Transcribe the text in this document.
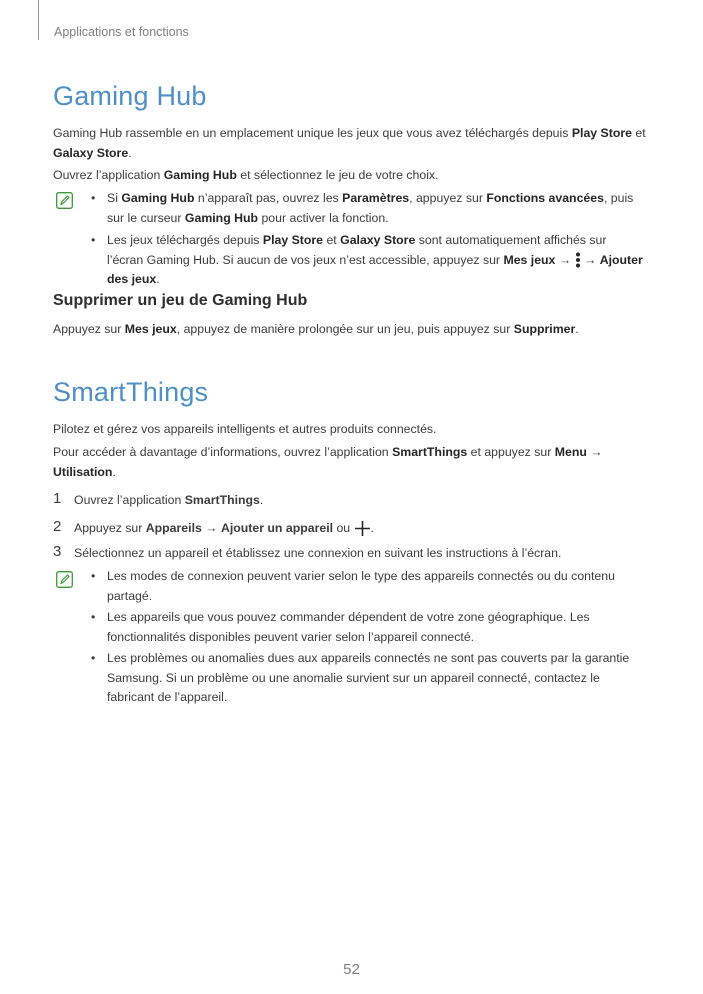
Applications et fonctions
Gaming Hub
Gaming Hub rassemble en un emplacement unique les jeux que vous avez téléchargés depuis Play Store et
Galaxy Store.
Ouvrez l’application Gaming Hub et sélectionnez le jeu de votre choix.
• Si Gaming Hub n’apparaît pas, ouvrez les Paramètres, appuyez sur Fonctions avancées, puis sur le curseur Gaming Hub pour activer la fonction.
• Les jeux téléchargés depuis Play Store et Galaxy Store sont automatiquement affichés sur l’écran Gaming Hub. Si aucun de vos jeux n’est accessible, appuyez sur Mes jeux →  → Ajouter des jeux.
Supprimer un jeu de Gaming Hub
Appuyez sur Mes jeux, appuyez de manière prolongée sur un jeu, puis appuyez sur Supprimer.
SmartThings
Pilotez et gérez vos appareils intelligents et autres produits connectés.
Pour accéder à davantage d’informations, ouvrez l’application SmartThings et appuyez sur Menu →
Utilisation.
1	Ouvrez l’application SmartThings.
2	Appuyez sur Appareils → Ajouter un appareil ou .
3	Sélectionnez un appareil et établissez une connexion en suivant les instructions à l’écran.
• Les modes de connexion peuvent varier selon le type des appareils connectés ou du contenu partagé.
• Les appareils que vous pouvez commander dépendent de votre zone géographique. Les fonctionnalités disponibles peuvent varier selon l’appareil connecté.
• Les problèmes ou anomalies dues aux appareils connectés ne sont pas couverts par la garantie Samsung. Si un problème ou une anomalie survient sur un appareil connecté, contactez le fabricant de l’appareil.
52
